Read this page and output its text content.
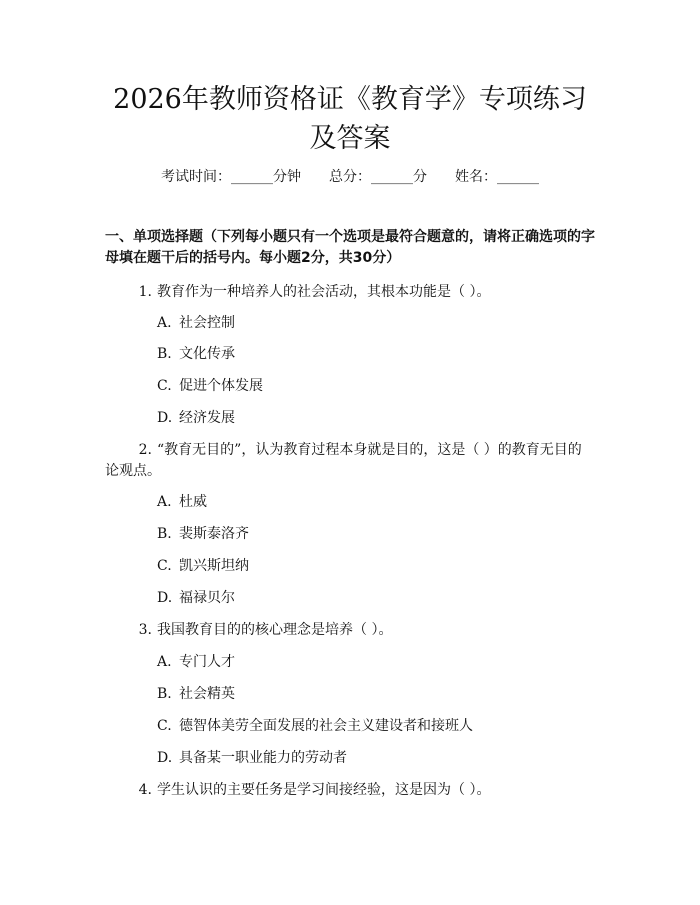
2026年教师资格证《教育学》专项练习及答案
考试时间：______分钟 总分：______分 姓名：______

一、单项选择题（下列每小题只有一个选项是最符合题意的，请将正确选项的字母填在题干后的括号内。每小题2分，共30分）

1. 教育作为一种培养人的社会活动，其根本功能是（ ）。
A. 社会控制
B. 文化传承
C. 促进个体发展
D. 经济发展
2. “教育无目的”，认为教育过程本身就是目的，这是（ ）的教育无目的论观点。
A. 杜威
B. 裴斯泰洛齐
C. 凯兴斯坦纳
D. 福禄贝尔
3. 我国教育目的的核心理念是培养（ ）。
A. 专门人才
B. 社会精英
C. 德智体美劳全面发展的社会主义建设者和接班人
D. 具备某一职业能力的劳动者
4. 学生认识的主要任务是学习间接经验，这是因为（ ）。
